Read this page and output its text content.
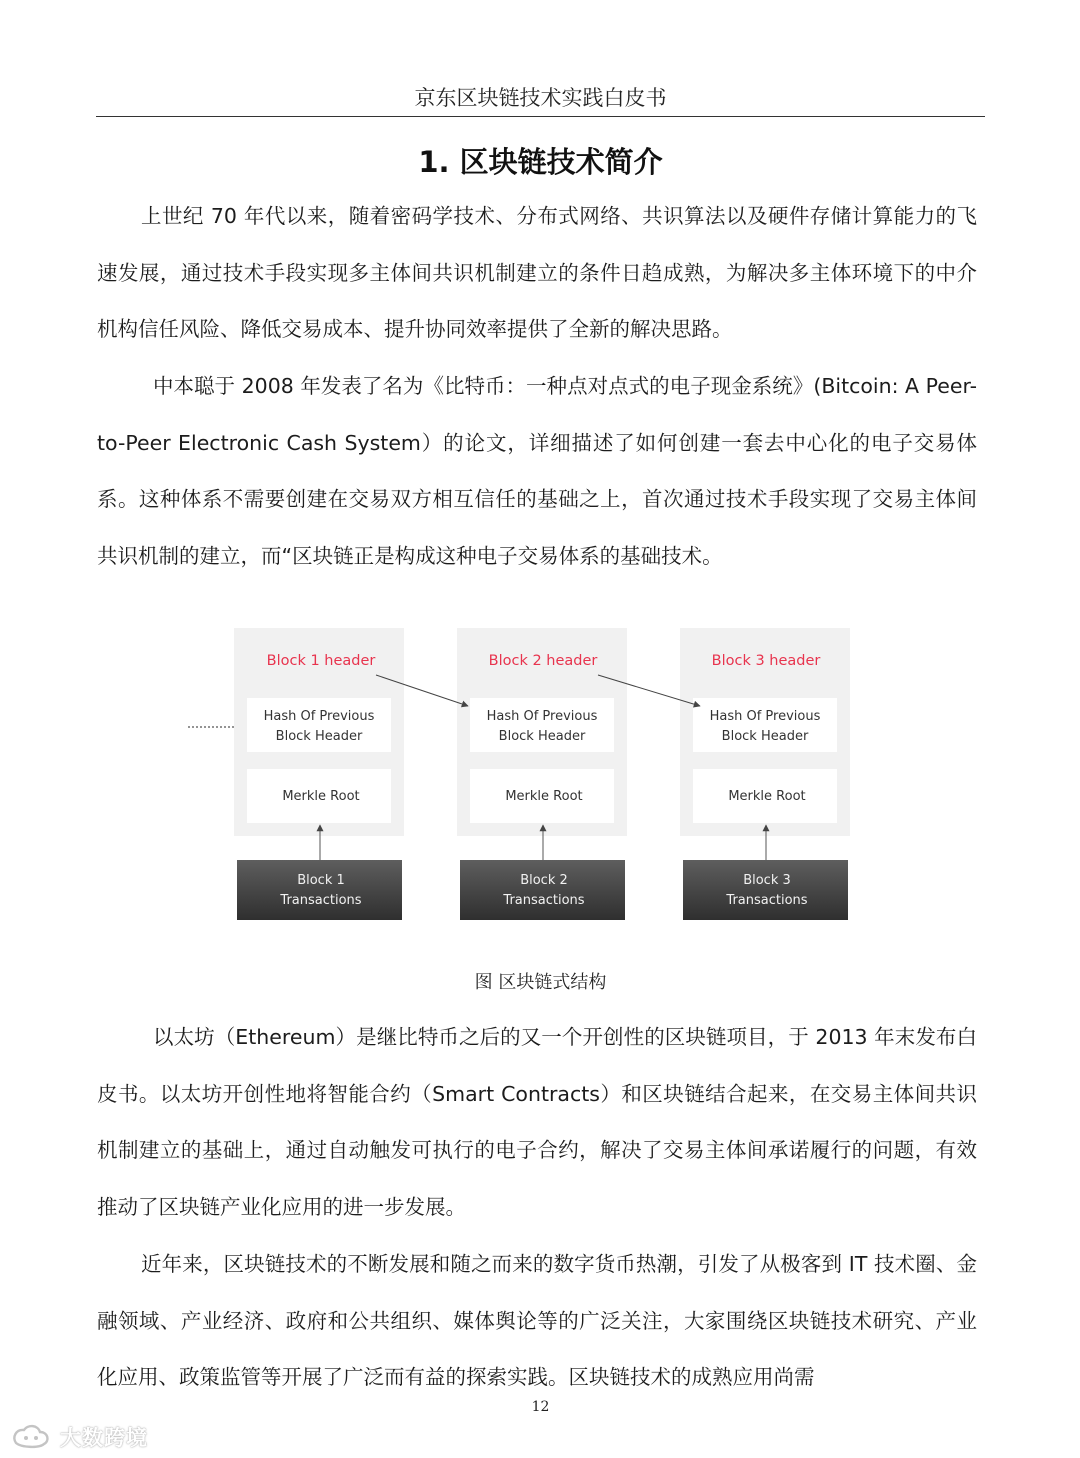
京东区块链技术实践白皮书
1. 区块链技术简介

上世纪 70 年代以来，随着密码学技术、分布式网络、共识算法以及硬件存储计算能力的飞速发展，通过技术手段实现多主体间共识机制建立的条件日趋成熟，为解决多主体环境下的中介机构信任风险、降低交易成本、提升协同效率提供了全新的解决思路。

中本聪于 2008 年发表了名为《比特币：一种点对点式的电子现金系统》(Bitcoin: A Peer-to-Peer Electronic Cash System）的论文，详细描述了如何创建一套去中心化的电子交易体系。这种体系不需要创建在交易双方相互信任的基础之上，首次通过技术手段实现了交易主体间共识机制的建立，而“区块链正是构成这种电子交易体系的基础技术。

Block 1 header
Hash Of Previous
Block Header
Merkle Root
Block 1
Transactions
Block 2 header
Hash Of Previous
Block Header
Merkle Root
Block 2
Transactions
Block 3 header
Hash Of Previous
Block Header
Merkle Root
Block 3
Transactions
图 区块链式结构

以太坊（Ethereum）是继比特币之后的又一个开创性的区块链项目，于 2013 年末发布白皮书。以太坊开创性地将智能合约（Smart Contracts）和区块链结合起来，在交易主体间共识机制建立的基础上，通过自动触发可执行的电子合约，解决了交易主体间承诺履行的问题，有效推动了区块链产业化应用的进一步发展。

近年来，区块链技术的不断发展和随之而来的数字货币热潮，引发了从极客到 IT 技术圈、金融领域、产业经济、政府和公共组织、媒体舆论等的广泛关注，大家围绕区块链技术研究、产业化应用、政策监管等开展了广泛而有益的探索实践。区块链技术的成熟应用尚需

12
大数跨境
